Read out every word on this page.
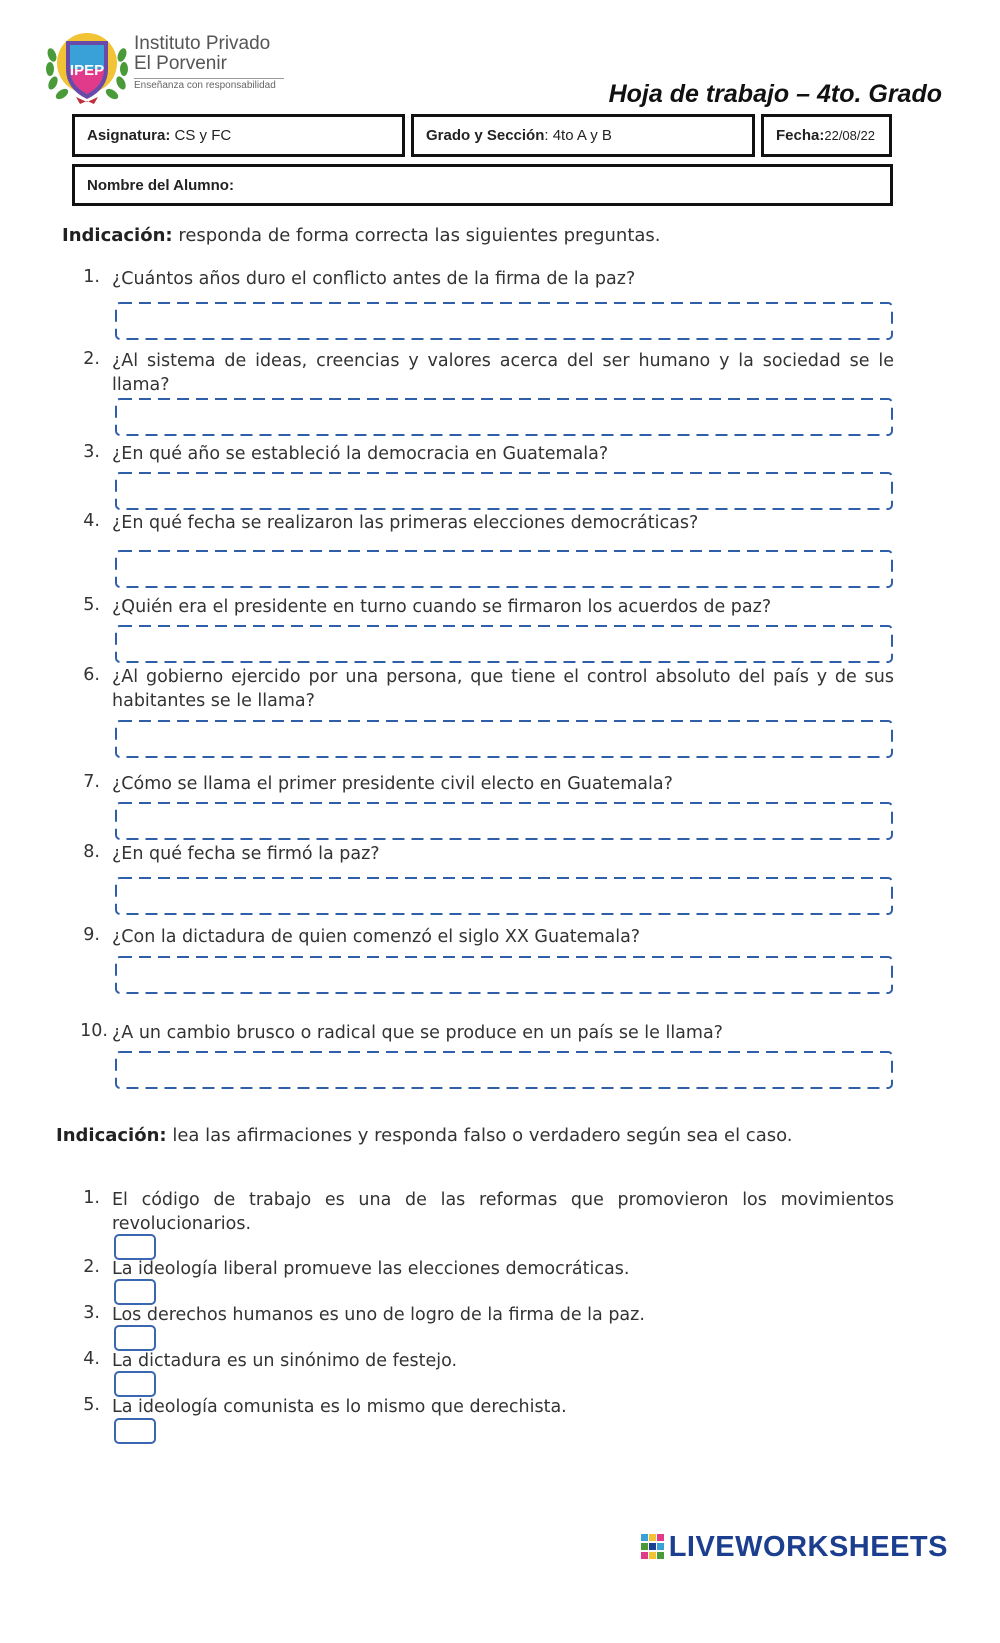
IPEP
Instituto Privado
El Porvenir
Enseñanza con responsabilidad	Hoja de trabajo – 4to. Grado
Asignatura: CS y FC	Grado y Sección: 4to A y B	Fecha:22/08/22
Nombre del Alumno:
Indicación: responda de forma correcta las siguientes preguntas.
1. ¿Cuántos años duro el conflicto antes de la firma de la paz?
2. ¿Al sistema de ideas, creencias y valores acerca del ser humano y la sociedad se le llama?
3. ¿En qué año se estableció la democracia en Guatemala?
4. ¿En qué fecha se realizaron las primeras elecciones democráticas?
5. ¿Quién era el presidente en turno cuando se firmaron los acuerdos de paz?
6. ¿Al gobierno ejercido por una persona, que tiene el control absoluto del país y de sus habitantes se le llama?
7. ¿Cómo se llama el primer presidente civil electo en Guatemala?
8. ¿En qué fecha se firmó la paz?
9. ¿Con la dictadura de quien comenzó el siglo XX Guatemala?
10. ¿A un cambio brusco o radical que se produce en un país se le llama?
Indicación: lea las afirmaciones y responda falso o verdadero según sea el caso.
1. El código de trabajo es una de las reformas que promovieron los movimientos revolucionarios.
2. La ideología liberal promueve las elecciones democráticas.
3. Los derechos humanos es uno de logro de la firma de la paz.
4. La dictadura es un sinónimo de festejo.
5. La ideología comunista es lo mismo que derechista.
LIVEWORKSHEETS
